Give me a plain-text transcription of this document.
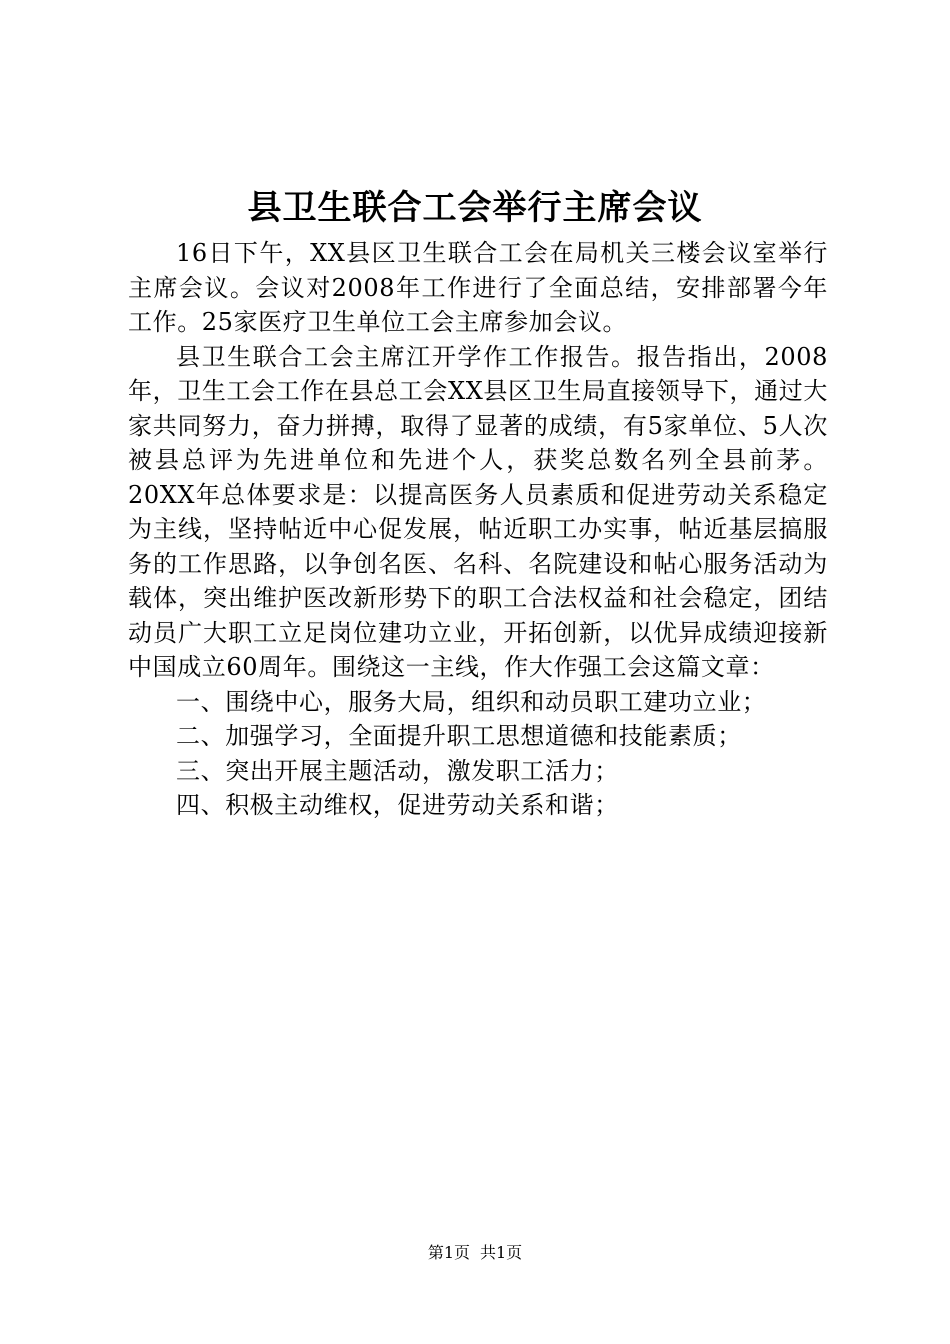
县卫生联合工会举行主席会议

16日下午，XX县区卫生联合工会在局机关三楼会议室举行主席会议。会议对2008年工作进行了全面总结，安排部署今年工作。25家医疗卫生单位工会主席参加会议。

县卫生联合工会主席江开学作工作报告。报告指出，2008年，卫生工会工作在县总工会XX县区卫生局直接领导下，通过大家共同努力，奋力拼搏，取得了显著的成绩，有5家单位、5人次被县总评为先进单位和先进个人，获奖总数名列全县前茅。20XX年总体要求是：以提高医务人员素质和促进劳动关系稳定为主线，坚持帖近中心促发展，帖近职工办实事，帖近基层搞服务的工作思路，以争创名医、名科、名院建设和帖心服务活动为载体，突出维护医改新形势下的职工合法权益和社会稳定，团结动员广大职工立足岗位建功立业，开拓创新，以优异成绩迎接新中国成立60周年。围绕这一主线，作大作强工会这篇文章：

一、围绕中心，服务大局，组织和动员职工建功立业；

二、加强学习，全面提升职工思想道德和技能素质；

三、突出开展主题活动，激发职工活力；

四、积极主动维权，促进劳动关系和谐；

第1页 共1页
